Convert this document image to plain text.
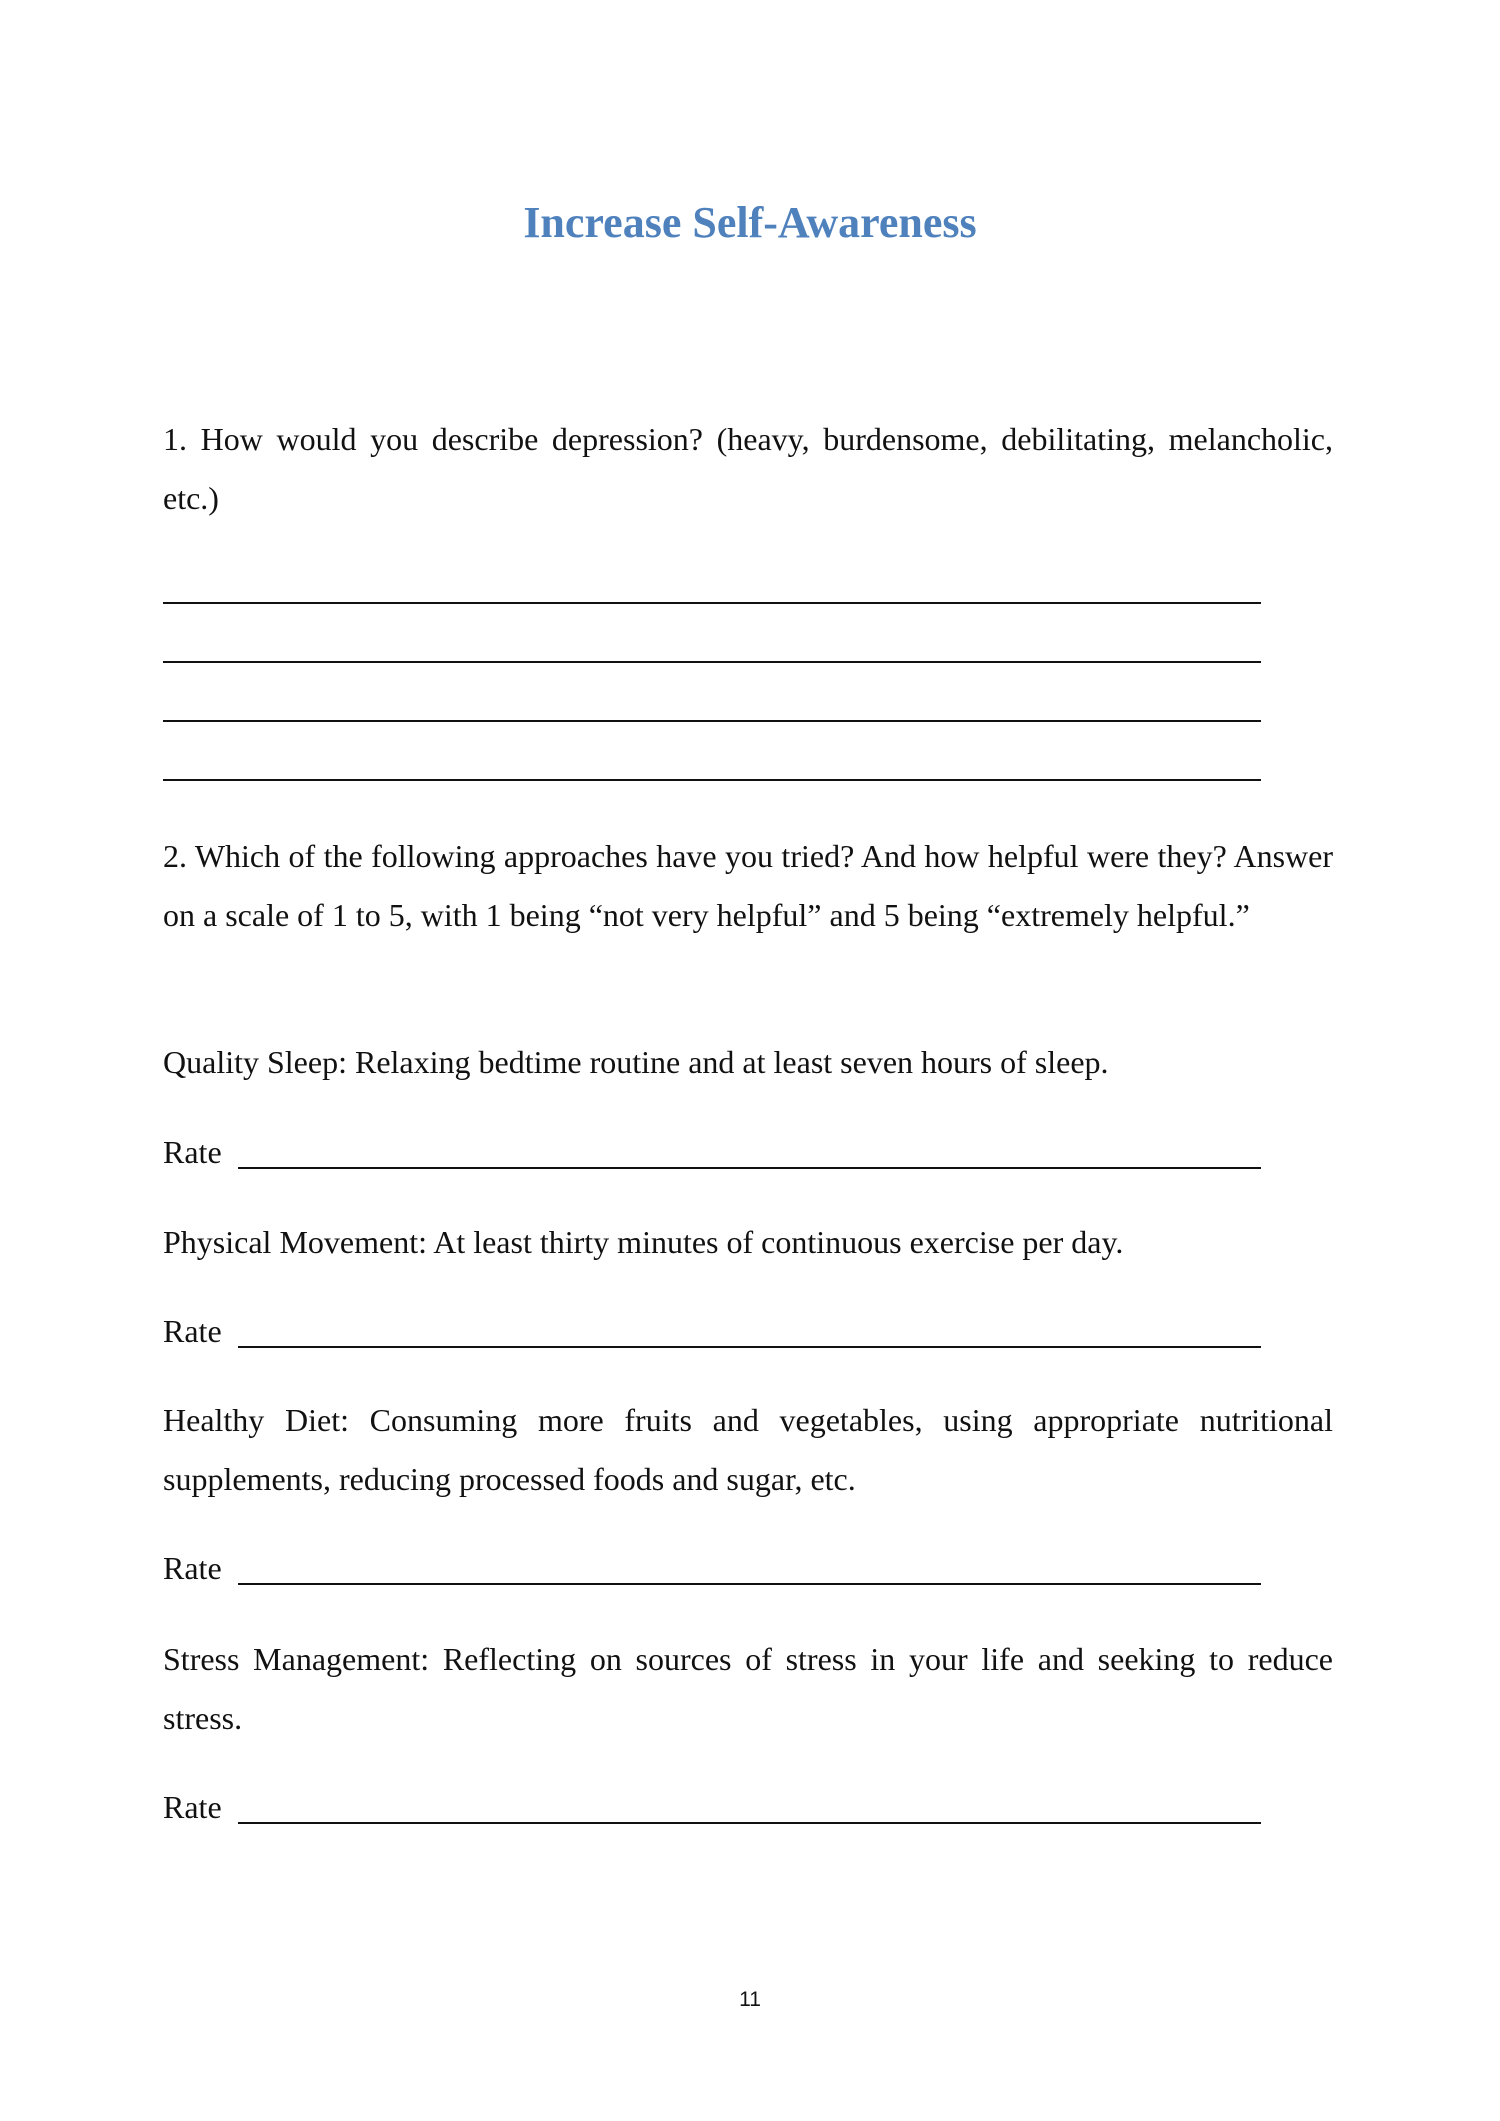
Increase Self-Awareness

1. How would you describe depression? (heavy, burdensome, debilitating, melancholic, etc.)

2. Which of the following approaches have you tried? And how helpful were they? Answer on a scale of 1 to 5, with 1 being “not very helpful” and 5 being “extremely helpful.”

Quality Sleep: Relaxing bedtime routine and at least seven hours of sleep.

Rate

Physical Movement: At least thirty minutes of continuous exercise per day.

Rate

Healthy Diet: Consuming more fruits and vegetables, using appropriate nutritional supplements, reducing processed foods and sugar, etc.

Rate

Stress Management: Reflecting on sources of stress in your life and seeking to reduce stress.

Rate
11
